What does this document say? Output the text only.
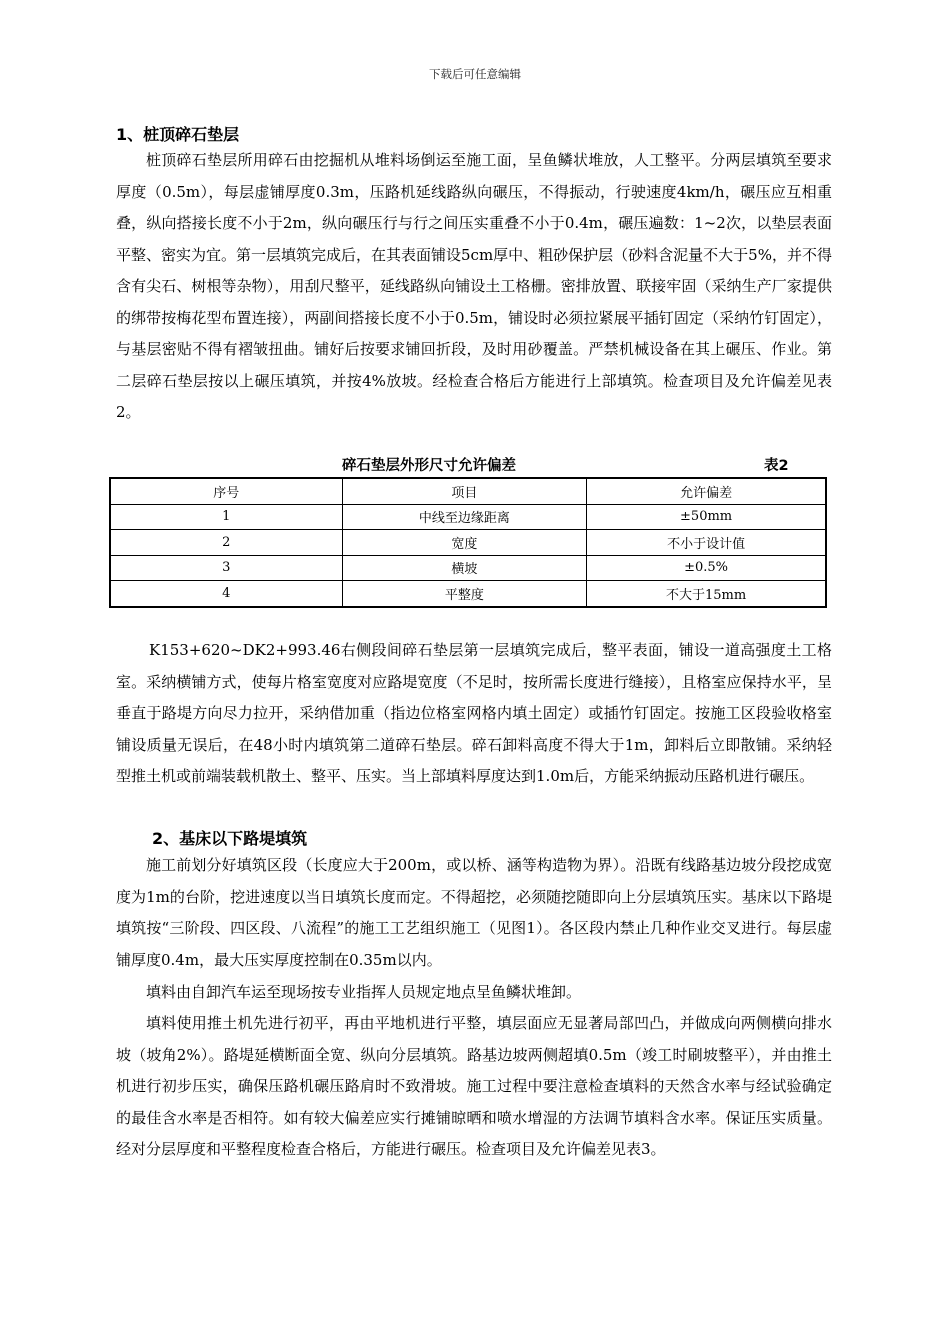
下载后可任意编辑
1、桩顶碎石垫层

桩顶碎石垫层所用碎石由挖掘机从堆料场倒运至施工面，呈鱼鳞状堆放，人工整平。分两层填筑至要求厚度（0.5m），每层虚铺厚度0.3m，压路机延线路纵向碾压，不得振动，行驶速度4km/h，碾压应互相重叠，纵向搭接长度不小于2m，纵向碾压行与行之间压实重叠不小于0.4m，碾压遍数：1~2次，以垫层表面平整、密实为宜。第一层填筑完成后，在其表面铺设5cm厚中、粗砂保护层（砂料含泥量不大于5%，并不得含有尖石、树根等杂物），用刮尺整平，延线路纵向铺设土工格栅。密排放置、联接牢固（采纳生产厂家提供的绑带按梅花型布置连接），两副间搭接长度不小于0.5m，铺设时必须拉紧展平插钉固定（采纳竹钉固定），与基层密贴不得有褶皱扭曲。铺好后按要求铺回折段，及时用砂覆盖。严禁机械设备在其上碾压、作业。第二层碎石垫层按以上碾压填筑，并按4%放坡。经检查合格后方能进行上部填筑。检查项目及允许偏差见表2。

碎石垫层外形尺寸允许偏差	表2
序号	项目	允许偏差
1	中线至边缘距离	±50mm
2	宽度	不小于设计值
3	横坡	±0.5%
4	平整度	不大于15mm

K153+620~DK2+993.46右侧段间碎石垫层第一层填筑完成后，整平表面，铺设一道高强度土工格室。采纳横铺方式，使每片格室宽度对应路堤宽度（不足时，按所需长度进行缝接），且格室应保持水平，呈垂直于路堤方向尽力拉开，采纳借加重（指边位格室网格内填土固定）或插竹钉固定。按施工区段验收格室铺设质量无误后，在48小时内填筑第二道碎石垫层。碎石卸料高度不得大于1m，卸料后立即散铺。采纳轻型推土机或前端装载机散土、整平、压实。当上部填料厚度达到1.0m后，方能采纳振动压路机进行碾压。

2、基床以下路堤填筑

施工前划分好填筑区段（长度应大于200m，或以桥、涵等构造物为界）。沿既有线路基边坡分段挖成宽度为1m的台阶，挖进速度以当日填筑长度而定。不得超挖，必须随挖随即向上分层填筑压实。基床以下路堤填筑按“三阶段、四区段、八流程”的施工工艺组织施工（见图1）。各区段内禁止几种作业交叉进行。每层虚铺厚度0.4m，最大压实厚度控制在0.35m以内。

填料由自卸汽车运至现场按专业指挥人员规定地点呈鱼鳞状堆卸。

填料使用推土机先进行初平，再由平地机进行平整，填层面应无显著局部凹凸，并做成向两侧横向排水坡（坡角2%）。路堤延横断面全宽、纵向分层填筑。路基边坡两侧超填0.5m（竣工时刷坡整平），并由推土机进行初步压实，确保压路机碾压路肩时不致滑坡。施工过程中要注意检查填料的天然含水率与经试验确定的最佳含水率是否相符。如有较大偏差应实行摊铺晾晒和喷水增湿的方法调节填料含水率。保证压实质量。经对分层厚度和平整程度检查合格后，方能进行碾压。检查项目及允许偏差见表3。
